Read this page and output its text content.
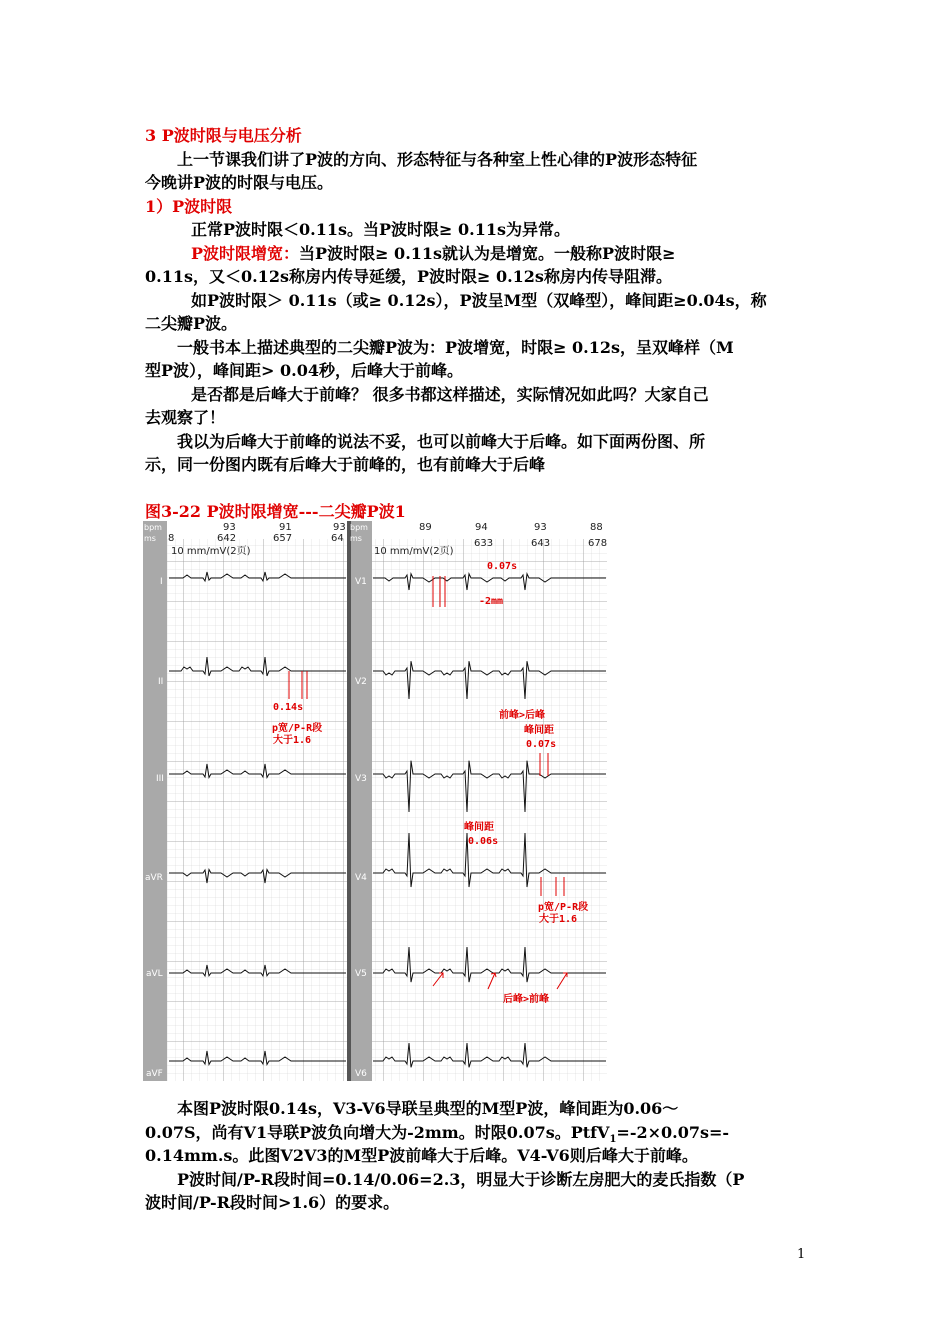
3 P波时限与电压分析
上一节课我们讲了P波的方向、形态特征与各种室上性心律的P波形态特征
今晚讲P波的时限与电压。
1）P波时限
正常P波时限＜0.11s。当P波时限≥ 0.11s为异常。
P波时限增宽：当P波时限≥ 0.11s就认为是增宽。一般称P波时限≥
0.11s，又＜0.12s称房内传导延缓，P波时限≥ 0.12s称房内传导阻滞。
如P波时限＞ 0.11s（或≥ 0.12s），P波呈M型（双峰型），峰间距≥0.04s，称
二尖瓣P波。
一般书本上描述典型的二尖瓣P波为：P波增宽，时限≥ 0.12s，呈双峰样（M
型P波），峰间距> 0.04秒，后峰大于前峰。
是否都是后峰大于前峰？ 很多书都这样描述，实际情况如此吗？大家自己
去观察了！
我以为后峰大于前峰的说法不妥，也可以前峰大于后峰。如下面两份图、所
示，同一份图内既有后峰大于前峰的，也有前峰大于后峰
图3-22 P波时限增宽---二尖瓣P波1
bpm
ms
93	91	93
8	642	657	64
10 mm/mV(2页)
bpm
ms
89	94	93	88
633	643	678
10 mm/mV(2页)
I
II
III
aVR
aVL
aVF
V1
V2
V3
V4
V5
V6
0.14s
p宽/P-R段
大于1.6
0.07s
-2mm
前峰>后峰
峰间距
0.07s
峰间距
0.06s
p宽/P-R段
大于1.6
后峰>前峰
本图P波时限0.14s，V3-V6导联呈典型的M型P波，峰间距为0.06～
0.07S，尚有V1导联P波负向增大为-2mm。时限0.07s。PtfV$_1$=-2×0.07s=-
0.14mm.s。此图V2V3的M型P波前峰大于后峰。V4-V6则后峰大于前峰。
P波时间/P-R段时间=0.14/0.06=2.3，明显大于诊断左房肥大的麦氏指数（P
波时间/P-R段时间>1.6）的要求。
1
